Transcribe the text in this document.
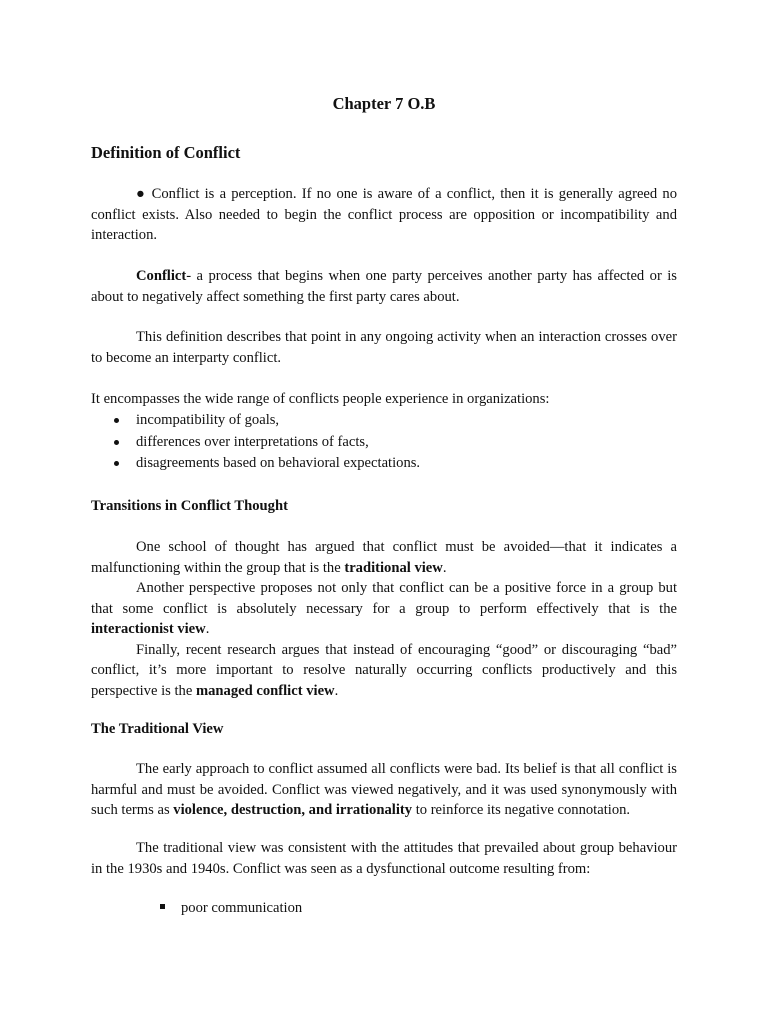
Chapter 7 O.B
Definition of Conflict

● Conflict is a perception. If no one is aware of a conflict, then it is generally agreed no conflict exists. Also needed to begin the conflict process are opposition or incompatibility and interaction.

Conflict- a process that begins when one party perceives another party has affected or is about to negatively affect something the first party cares about.

This definition describes that point in any ongoing activity when an interaction crosses over to become an interparty conflict.

It encompasses the wide range of conflicts people experience in organizations:

incompatibility of goals,
differences over interpretations of facts,
disagreements based on behavioral expectations.
Transitions in Conflict Thought

One school of thought has argued that conflict must be avoided—that it indicates a malfunctioning within the group that is the traditional view.

Another perspective proposes not only that conflict can be a positive force in a group but that some conflict is absolutely necessary for a group to perform effectively that is the interactionist view.

Finally, recent research argues that instead of encouraging “good” or discouraging “bad” conflict, it’s more important to resolve naturally occurring conflicts productively and this perspective is the managed conflict view.

The Traditional View

The early approach to conflict assumed all conflicts were bad. Its belief is that all conflict is harmful and must be avoided. Conflict was viewed negatively, and it was used synonymously with such terms as violence, destruction, and irrationality to reinforce its negative connotation.

The traditional view was consistent with the attitudes that prevailed about group behaviour in the 1930s and 1940s. Conflict was seen as a dysfunctional outcome resulting from:

poor communication
